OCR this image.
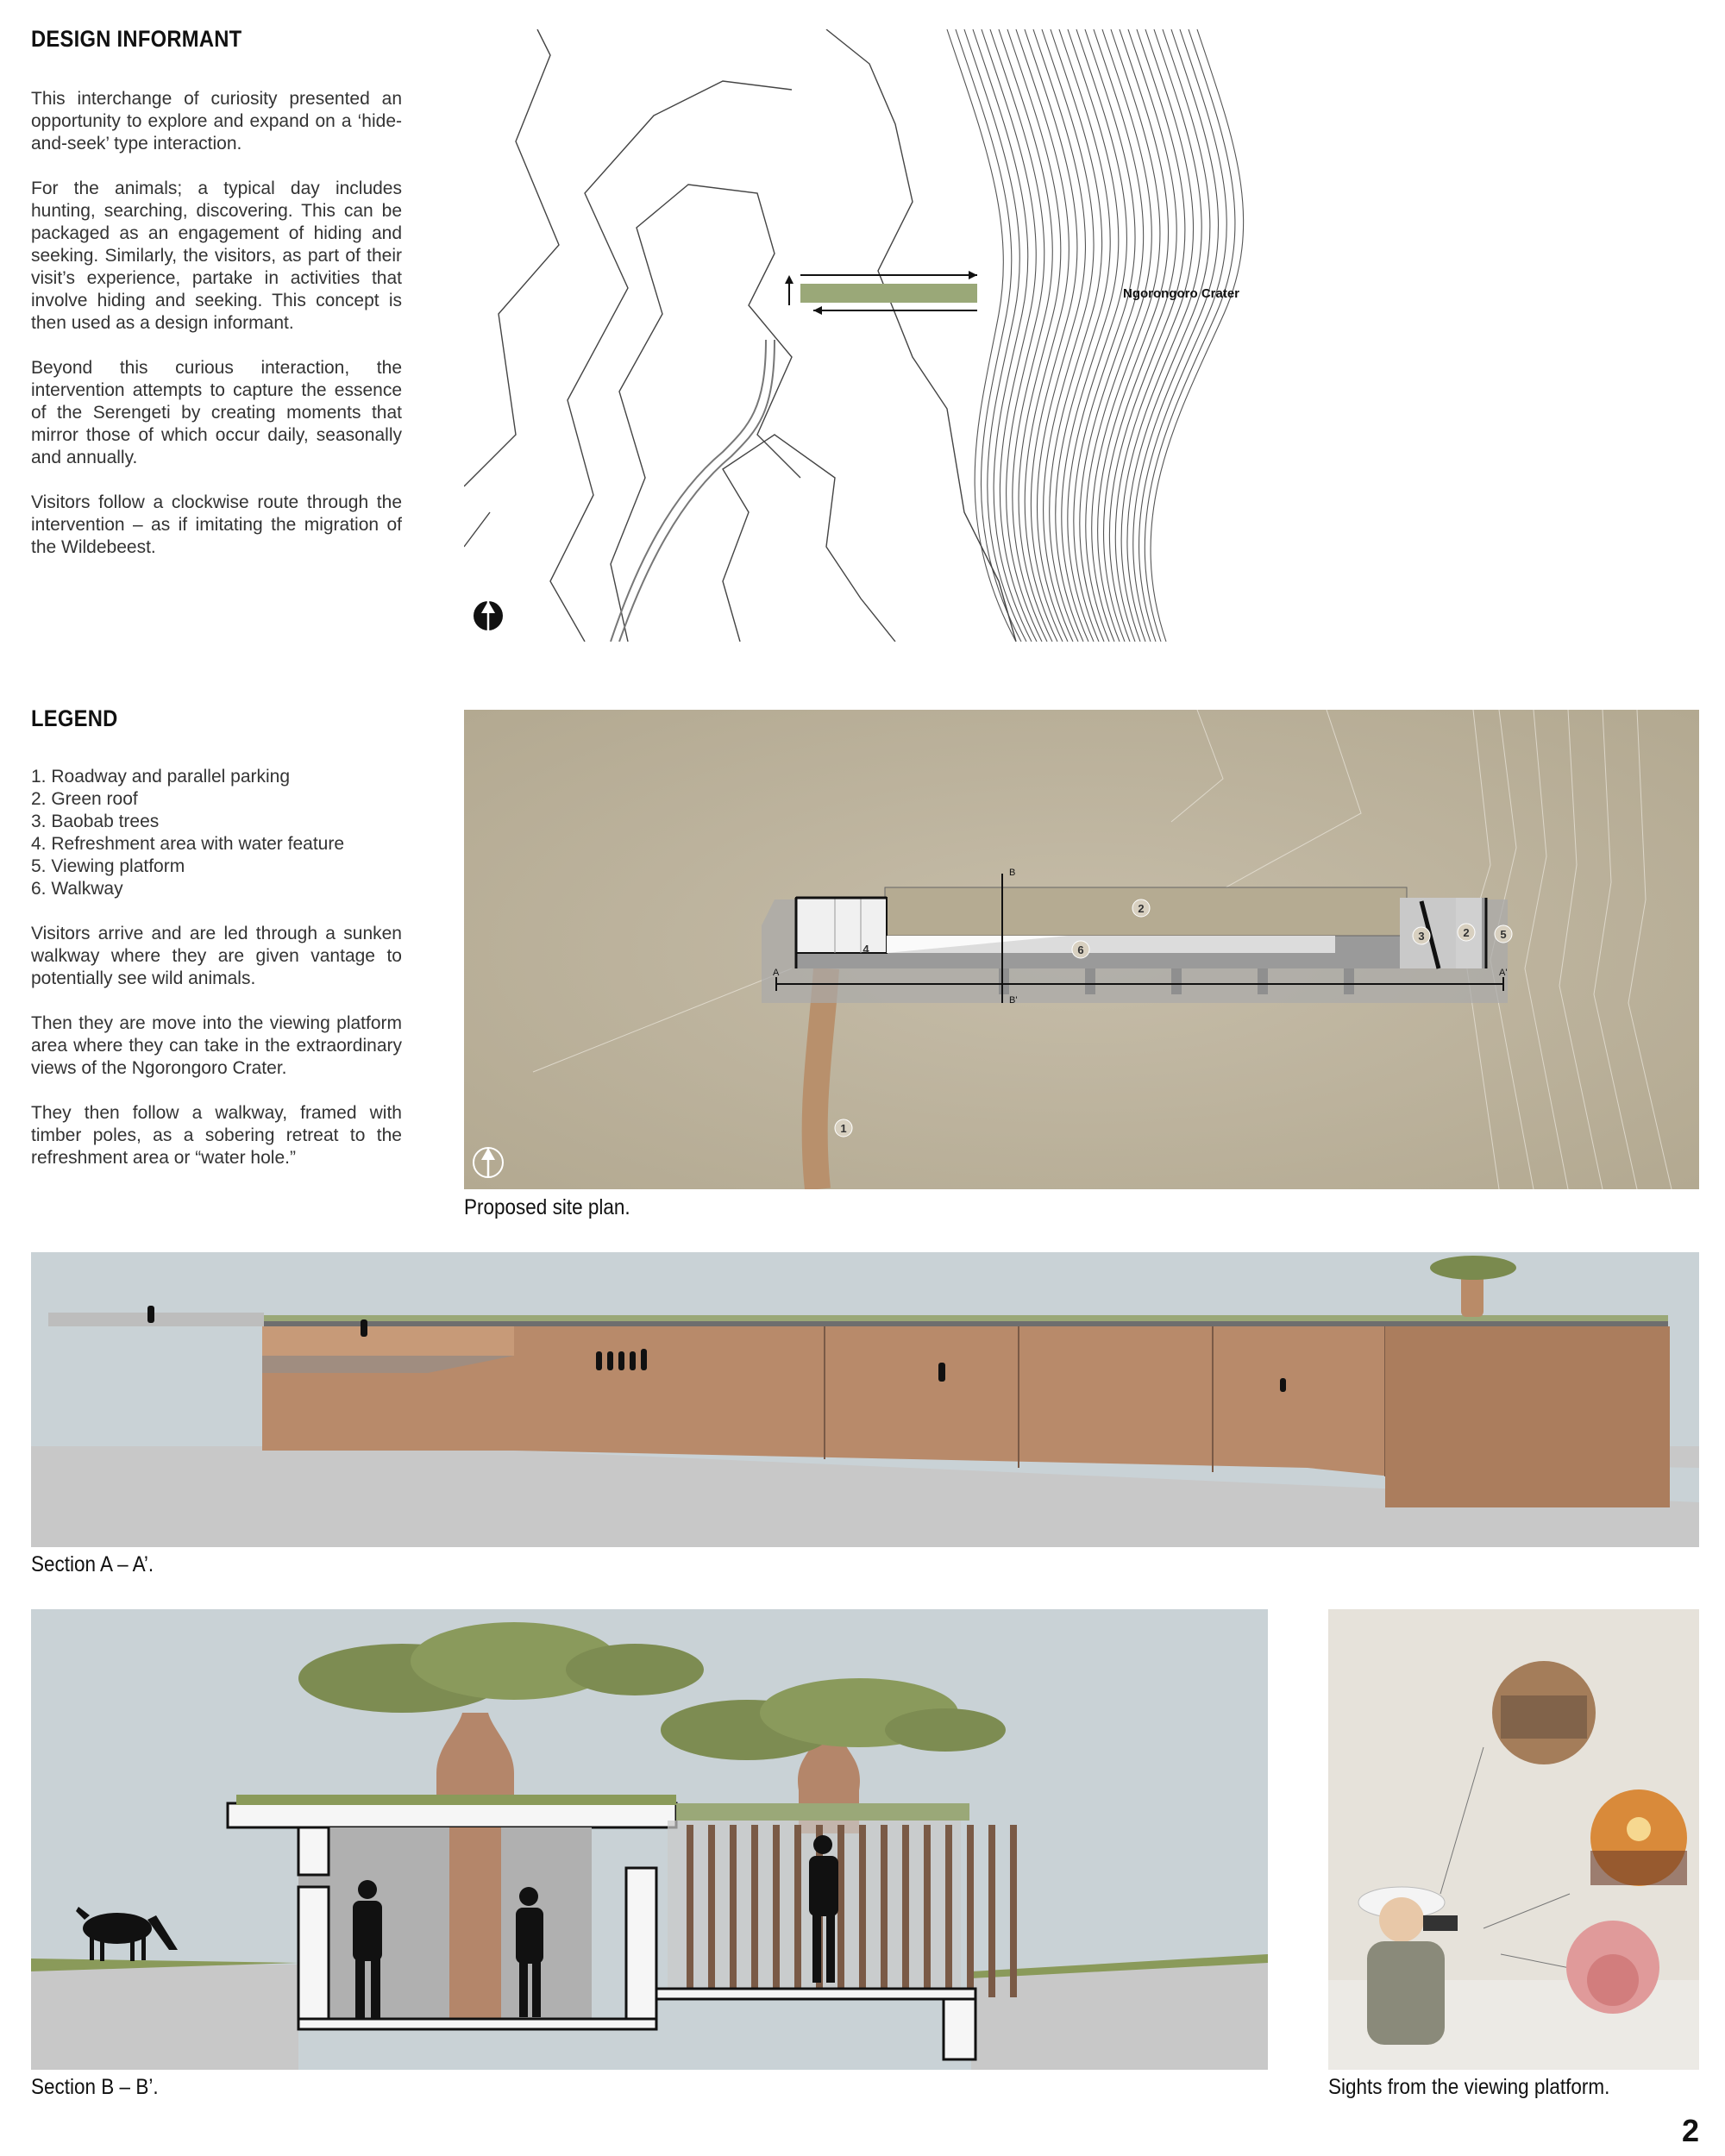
DESIGN INFORMANT

This interchange of curiosity presented an opportunity to explore and expand on a ‘hide-and-seek’ type interaction.

For the animals; a typical day includes hunting, searching, discovering. This can be packaged as an engagement of hiding and seeking. Similarly, the visitors, as part of their visit’s experience, partake in activities that involve hiding and seeking. This concept is then used as a design informant.

Beyond this curious interaction, the intervention attempts to capture the essence of the Serengeti by creating moments that mirror those of which occur daily, seasonally and annually.

Visitors follow a clockwise route through the intervention – as if imitating the migration of the Wildebeest.

Ngorongoro Crater
LEGEND
1. Roadway and parallel parking
2. Green roof
3. Baobab trees
4. Refreshment area with water feature
5. Viewing platform
6. Walkway

Visitors arrive and are led through a sunken walkway where they are given vantage to potentially see wild animals.

Then they are move into the viewing platform area where they can take in the extraordinary views of the Ngorongoro Crater.

They then follow a walkway, framed with timber poles, as a sobering retreat to the refreshment area or “water hole.”

A	A'
B
B'
1
2
2
3
4
5
6
Proposed site plan.
Section A – A’.
Section B – B’.	Sights from the viewing platform.
2
